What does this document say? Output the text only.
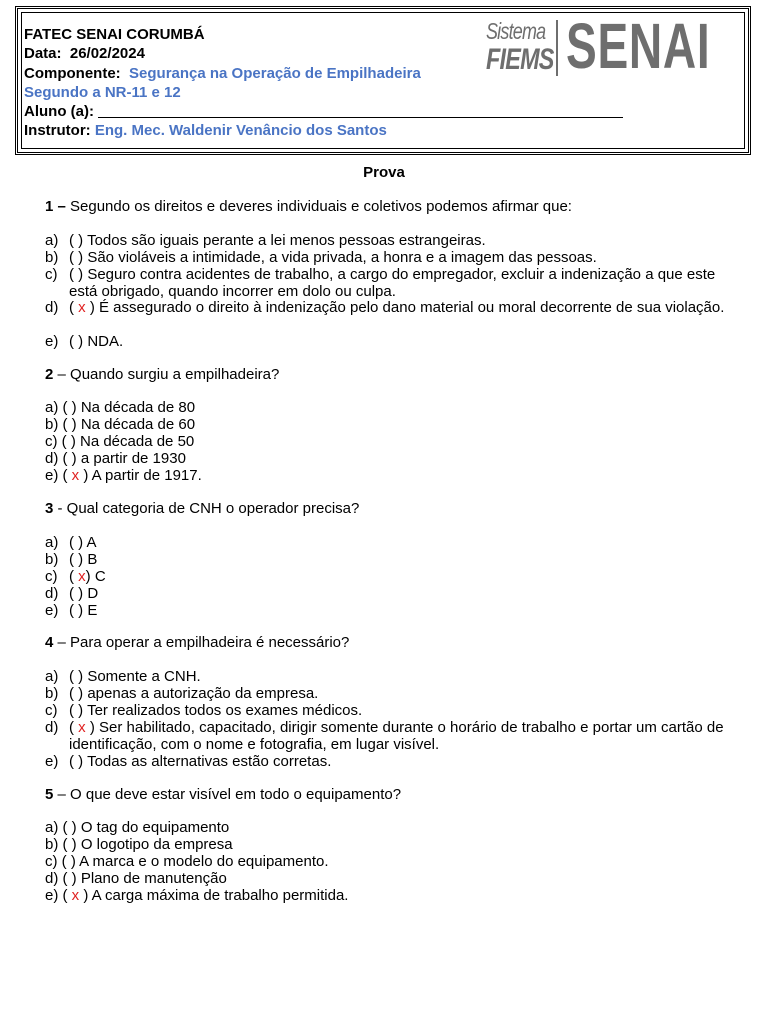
FATEC SENAI CORUMBÁ
Data: 26/02/2024
Componente: Segurança na Operação de Empilhadeira
Segundo a NR-11 e 12
Aluno (a):
Instrutor: Eng. Mec. Waldenir Venâncio dos Santos
Sistema
FIEMS SENAI
Prova
1 – Segundo os direitos e deveres individuais e coletivos podemos afirmar que:
a) ( ) Todos são iguais perante a lei menos pessoas estrangeiras.
b) ( ) São violáveis a intimidade, a vida privada, a honra e a imagem das pessoas.
c) ( ) Seguro contra acidentes de trabalho, a cargo do empregador, excluir a indenização a que este está obrigado, quando incorrer em dolo ou culpa.
d) ( x ) É assegurado o direito à indenização pelo dano material ou moral decorrente de sua violação.
e) ( ) NDA.
2 – Quando surgiu a empilhadeira?
a) ( ) Na década de 80
b) ( ) Na década de 60
c) ( ) Na década de 50
d) ( ) a partir de 1930
e) ( x ) A partir de 1917.
3 - Qual categoria de CNH o operador precisa?
a) ( ) A
b) ( ) B
c) ( x) C
d) ( ) D
e) ( ) E
4 – Para operar a empilhadeira é necessário?
a) ( ) Somente a CNH.
b) ( ) apenas a autorização da empresa.
c) ( ) Ter realizados todos os exames médicos.
d) ( x ) Ser habilitado, capacitado, dirigir somente durante o horário de trabalho e portar um cartão de identificação, com o nome e fotografia, em lugar visível.
e) ( ) Todas as alternativas estão corretas.
5 – O que deve estar visível em todo o equipamento?
a) ( ) O tag do equipamento
b) ( ) O logotipo da empresa
c) ( ) A marca e o modelo do equipamento.
d) ( ) Plano de manutenção
e) ( x ) A carga máxima de trabalho permitida.
